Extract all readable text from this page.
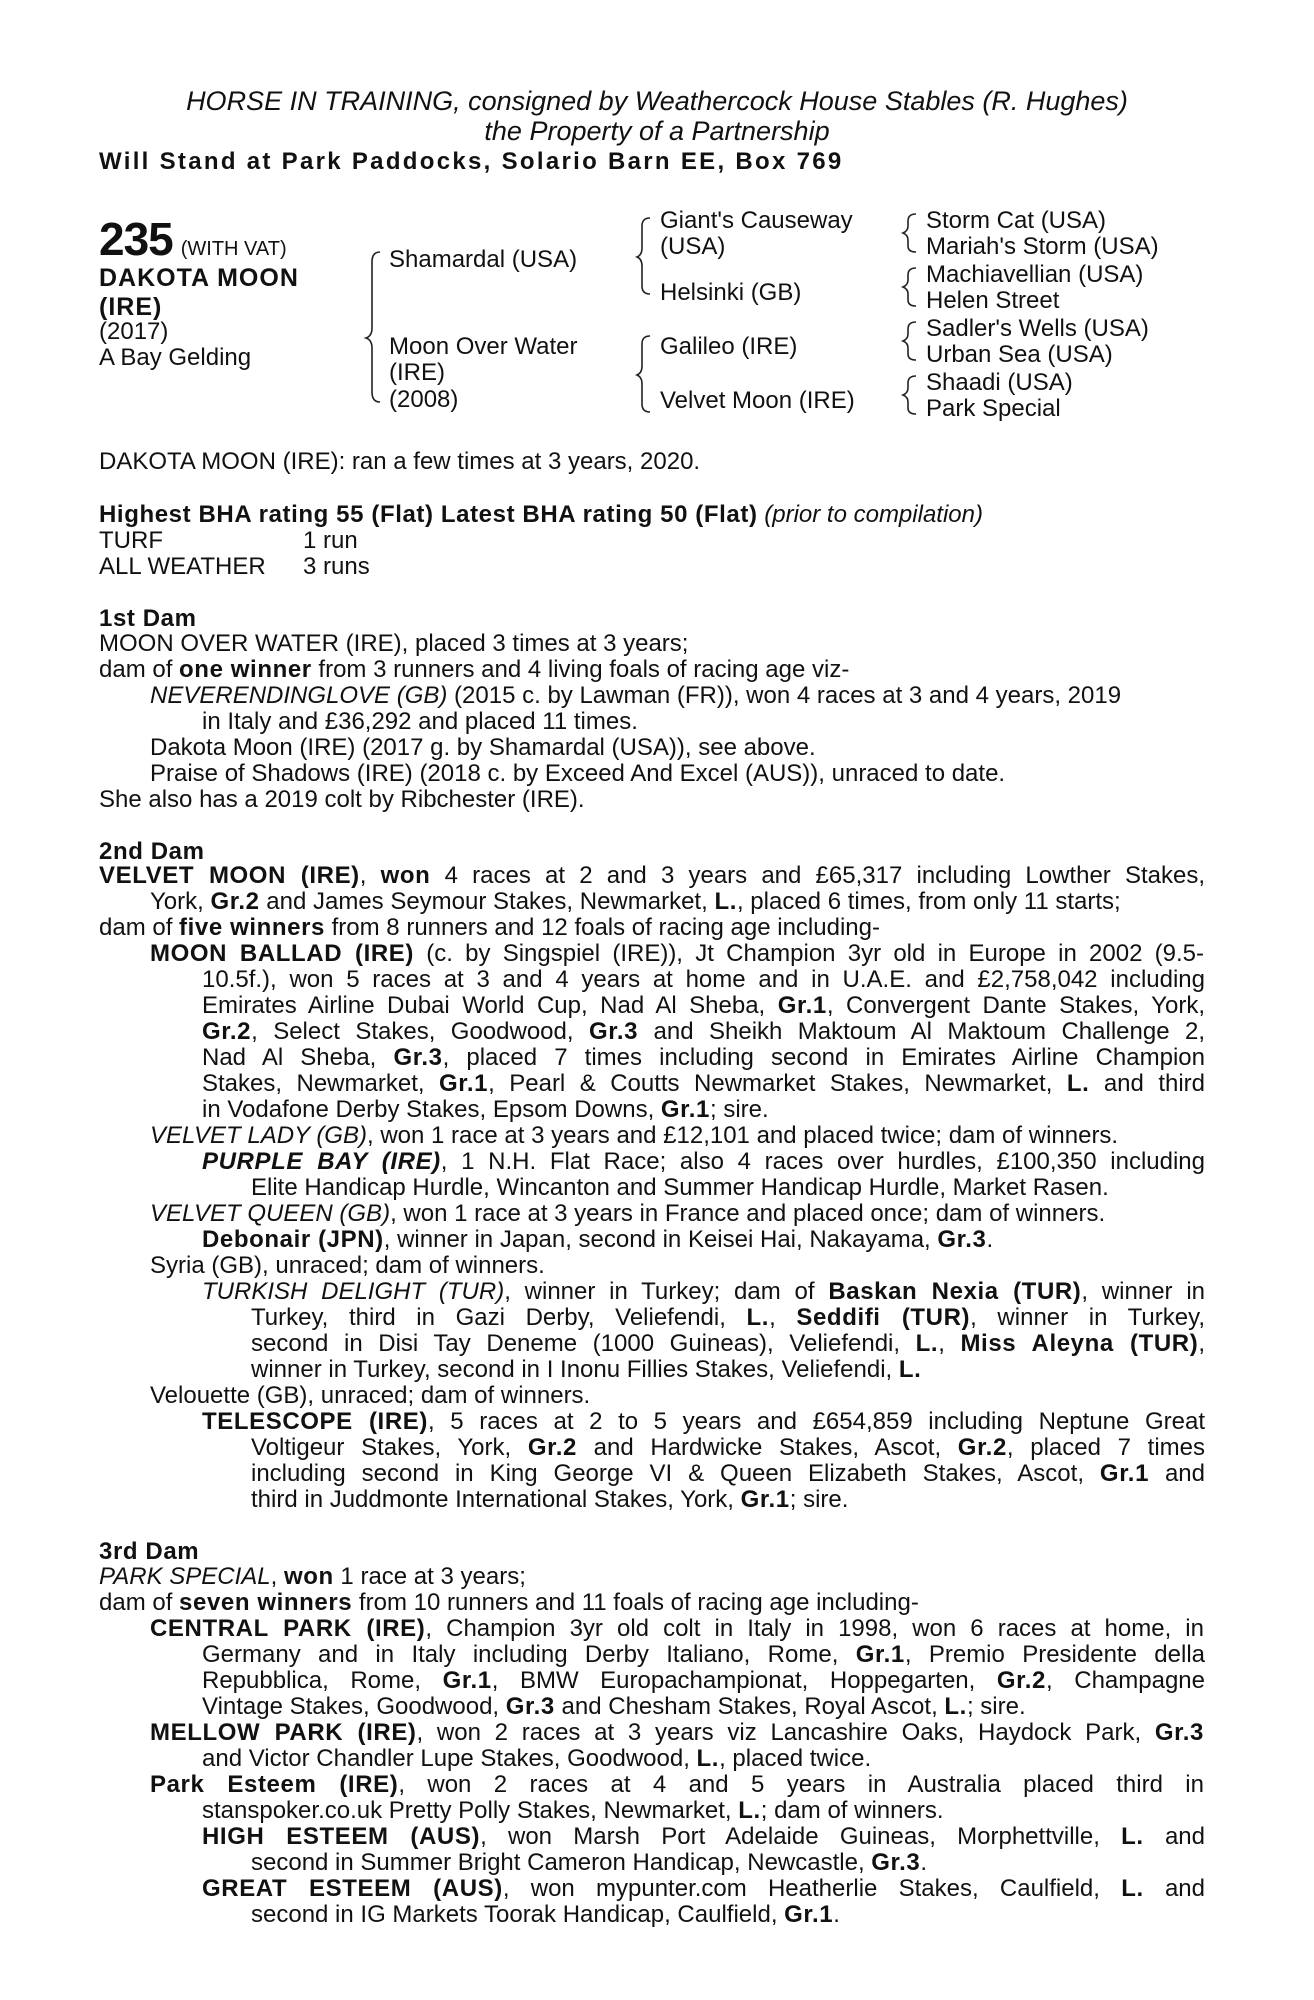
HORSE IN TRAINING, consigned by Weathercock House Stables (R. Hughes)
the Property of a Partnership
Will Stand at Park Paddocks, Solario Barn EE, Box 769
235 (WITH VAT)
DAKOTA MOON
(IRE)
(2017)
A Bay Gelding
Shamardal (USA)
Moon Over Water
(IRE)
(2008)
Giant's Causeway
(USA)
Helsinki (GB)
Galileo (IRE)
Velvet Moon (IRE)
Storm Cat (USA)
Mariah's Storm (USA)
Machiavellian (USA)
Helen Street
Sadler's Wells (USA)
Urban Sea (USA)
Shaadi (USA)
Park Special
DAKOTA MOON (IRE): ran a few times at 3 years, 2020.
Highest BHA rating 55 (Flat) Latest BHA rating 50 (Flat) (prior to compilation)
TURF	1 run
ALL WEATHER 3 runs
1st Dam
MOON OVER WATER (IRE), placed 3 times at 3 years;
dam of one winner from 3 runners and 4 living foals of racing age viz-
NEVERENDINGLOVE (GB) (2015 c. by Lawman (FR)), won 4 races at 3 and 4 years, 2019
in Italy and £36,292 and placed 11 times.
Dakota Moon (IRE) (2017 g. by Shamardal (USA)), see above.
Praise of Shadows (IRE) (2018 c. by Exceed And Excel (AUS)), unraced to date.
She also has a 2019 colt by Ribchester (IRE).
2nd Dam
VELVET MOON (IRE), won 4 races at 2 and 3 years and £65,317 including Lowther Stakes,
York, Gr.2 and James Seymour Stakes, Newmarket, L., placed 6 times, from only 11 starts;
dam of five winners from 8 runners and 12 foals of racing age including-
MOON BALLAD (IRE) (c. by Singspiel (IRE)), Jt Champion 3yr old in Europe in 2002 (9.5-
10.5f.), won 5 races at 3 and 4 years at home and in U.A.E. and £2,758,042 including
Emirates Airline Dubai World Cup, Nad Al Sheba, Gr.1, Convergent Dante Stakes, York,
Gr.2, Select Stakes, Goodwood, Gr.3 and Sheikh Maktoum Al Maktoum Challenge 2,
Nad Al Sheba, Gr.3, placed 7 times including second in Emirates Airline Champion
Stakes, Newmarket, Gr.1, Pearl & Coutts Newmarket Stakes, Newmarket, L. and third
in Vodafone Derby Stakes, Epsom Downs, Gr.1; sire.
VELVET LADY (GB), won 1 race at 3 years and £12,101 and placed twice; dam of winners.
PURPLE BAY (IRE), 1 N.H. Flat Race; also 4 races over hurdles, £100,350 including
Elite Handicap Hurdle, Wincanton and Summer Handicap Hurdle, Market Rasen.
VELVET QUEEN (GB), won 1 race at 3 years in France and placed once; dam of winners.
Debonair (JPN), winner in Japan, second in Keisei Hai, Nakayama, Gr.3.
Syria (GB), unraced; dam of winners.
TURKISH DELIGHT (TUR), winner in Turkey; dam of Baskan Nexia (TUR), winner in
Turkey, third in Gazi Derby, Veliefendi, L., Seddifi (TUR), winner in Turkey,
second in Disi Tay Deneme (1000 Guineas), Veliefendi, L., Miss Aleyna (TUR),
winner in Turkey, second in I Inonu Fillies Stakes, Veliefendi, L.
Velouette (GB), unraced; dam of winners.
TELESCOPE (IRE), 5 races at 2 to 5 years and £654,859 including Neptune Great
Voltigeur Stakes, York, Gr.2 and Hardwicke Stakes, Ascot, Gr.2, placed 7 times
including second in King George VI & Queen Elizabeth Stakes, Ascot, Gr.1 and
third in Juddmonte International Stakes, York, Gr.1; sire.
3rd Dam
PARK SPECIAL, won 1 race at 3 years;
dam of seven winners from 10 runners and 11 foals of racing age including-
CENTRAL PARK (IRE), Champion 3yr old colt in Italy in 1998, won 6 races at home, in
Germany and in Italy including Derby Italiano, Rome, Gr.1, Premio Presidente della
Repubblica, Rome, Gr.1, BMW Europachampionat, Hoppegarten, Gr.2, Champagne
Vintage Stakes, Goodwood, Gr.3 and Chesham Stakes, Royal Ascot, L.; sire.
MELLOW PARK (IRE), won 2 races at 3 years viz Lancashire Oaks, Haydock Park, Gr.3
and Victor Chandler Lupe Stakes, Goodwood, L., placed twice.
Park Esteem (IRE), won 2 races at 4 and 5 years in Australia placed third in
stanspoker.co.uk Pretty Polly Stakes, Newmarket, L.; dam of winners.
HIGH ESTEEM (AUS), won Marsh Port Adelaide Guineas, Morphettville, L. and
second in Summer Bright Cameron Handicap, Newcastle, Gr.3.
GREAT ESTEEM (AUS), won mypunter.com Heatherlie Stakes, Caulfield, L. and
second in IG Markets Toorak Handicap, Caulfield, Gr.1.
